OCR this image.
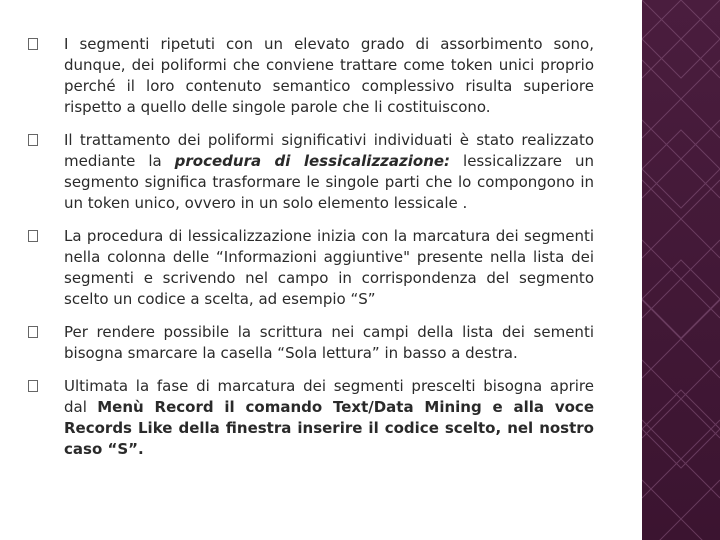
I segmenti ripetuti con un elevato grado di assorbimento sono, dunque, dei poliformi che conviene trattare come token unici proprio perché il loro contenuto semantico complessivo risulta superiore rispetto a quello delle singole parole che li costituiscono.

Il trattamento dei poliformi significativi individuati è stato realizzato mediante la procedura di lessicalizzazione: lessicalizzare un segmento significa trasformare le singole parti che lo compongono in un token unico, ovvero in un solo elemento lessicale .

La procedura di lessicalizzazione inizia con la marcatura dei segmenti nella colonna delle “Informazioni aggiuntive" presente nella lista dei segmenti e scrivendo nel campo in corrispondenza del segmento scelto un codice a scelta, ad esempio “S”

Per rendere possibile la scrittura nei campi della lista dei sementi bisogna smarcare la casella “Sola lettura” in basso a destra.

Ultimata la fase di marcatura dei segmenti prescelti bisogna aprire dal Menù Record il comando Text/Data Mining e alla voce Records Like della finestra inserire il codice scelto, nel nostro caso “S”.
